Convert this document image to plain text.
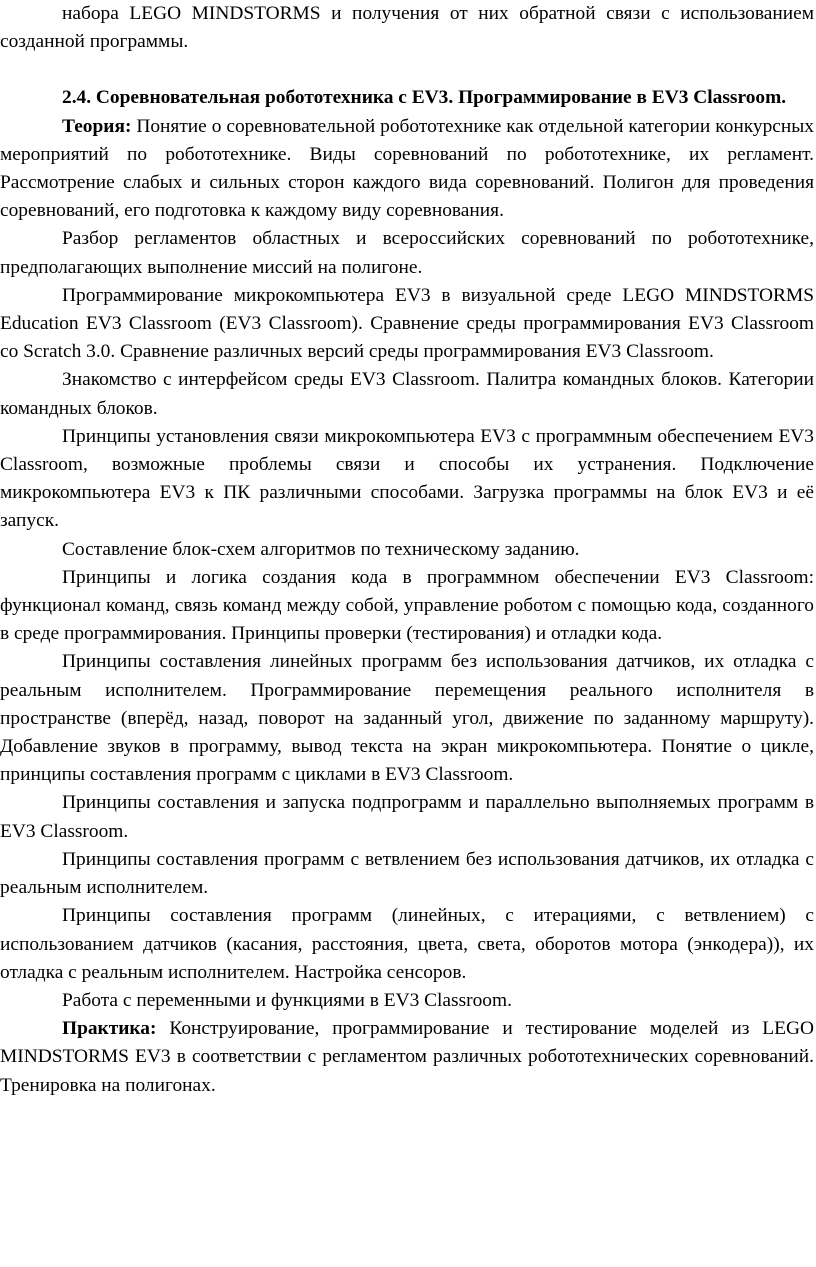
набора LEGO MINDSTORMS и получения от них обратной связи с использованием созданной программы.

2.4. Соревновательная робототехника с EV3. Программирование в EV3 Classroom.

Теория: Понятие о соревновательной робототехнике как отдельной категории конкурсных мероприятий по робототехнике. Виды соревнований по робототехнике, их регламент. Рассмотрение слабых и сильных сторон каждого вида соревнований. Полигон для проведения соревнований, его подготовка к каждому виду соревнования.

Разбор регламентов областных и всероссийских соревнований по робототехнике, предполагающих выполнение миссий на полигоне.

Программирование микрокомпьютера EV3 в визуальной среде LEGO MINDSTORMS Education EV3 Classroom (EV3 Classroom). Сравнение среды программирования EV3 Classroom со Scratch 3.0. Сравнение различных версий среды программирования EV3 Classroom.

Знакомство с интерфейсом среды EV3 Classroom. Палитра командных блоков. Категории командных блоков.

Принципы установления связи микрокомпьютера EV3 с программным обеспечением EV3 Classroom, возможные проблемы связи и способы их устранения. Подключение микрокомпьютера EV3 к ПК различными способами. Загрузка программы на блок EV3 и её запуск.

Составление блок-схем алгоритмов по техническому заданию.

Принципы и логика создания кода в программном обеспечении EV3 Classroom: функционал команд, связь команд между собой, управление роботом с помощью кода, созданного в среде программирования. Принципы проверки (тестирования) и отладки кода.

Принципы составления линейных программ без использования датчиков, их отладка с реальным исполнителем. Программирование перемещения реального исполнителя в пространстве (вперёд, назад, поворот на заданный угол, движение по заданному маршруту). Добавление звуков в программу, вывод текста на экран микрокомпьютера. Понятие о цикле, принципы составления программ с циклами в EV3 Classroom.

Принципы составления и запуска подпрограмм и параллельно выполняемых программ в EV3 Classroom.

Принципы составления программ с ветвлением без использования датчиков, их отладка с реальным исполнителем.

Принципы составления программ (линейных, с итерациями, с ветвлением) с использованием датчиков (касания, расстояния, цвета, света, оборотов мотора (энкодера)), их отладка с реальным исполнителем. Настройка сенсоров.

Работа с переменными и функциями в EV3 Classroom.

Практика: Конструирование, программирование и тестирование моделей из LEGO MINDSTORMS EV3 в соответствии с регламентом различных робототехнических соревнований. Тренировка на полигонах.
